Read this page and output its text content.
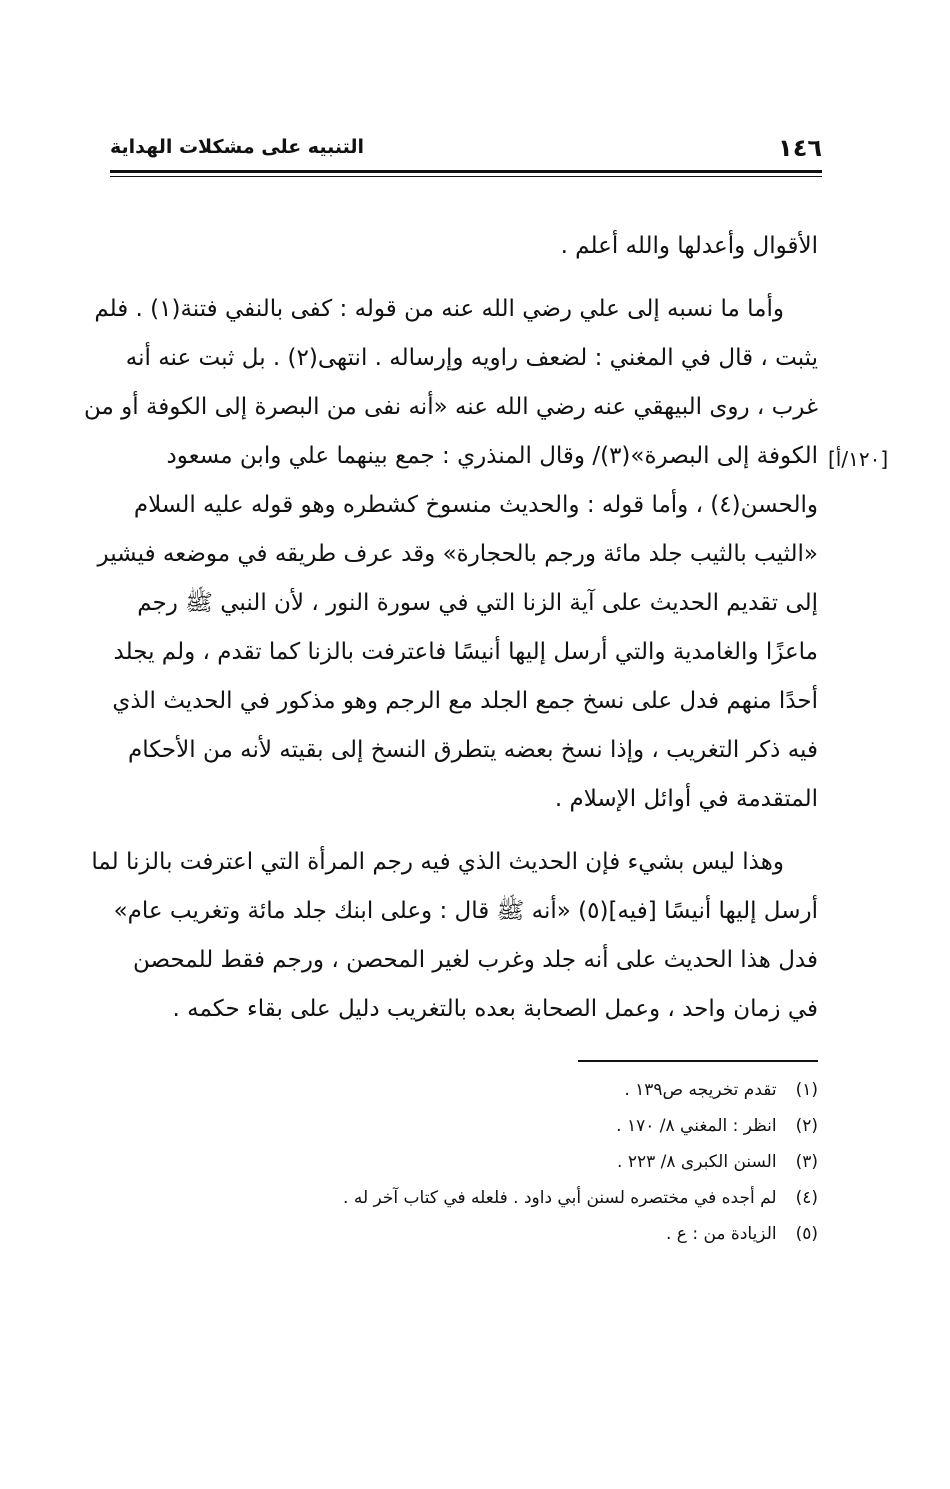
١٤٦
التنبيه على مشكلات الهداية
[١٢٠/أ]
الأقوال وأعدلها والله أعلم .
وأما ما نسبه إلى علي رضي الله عنه من قوله : كفى بالنفي فتنة(١) . فلم
يثبت ، قال في المغني : لضعف راويه وإرساله . انتهى(٢) . بل ثبت عنه أنه
غرب ، روى البيهقي عنه رضي الله عنه «أنه نفى من البصرة إلى الكوفة أو من
الكوفة إلى البصرة»(٣)/ وقال المنذري : جمع بينهما علي وابن مسعود
والحسن(٤) ، وأما قوله : والحديث منسوخ كشطره وهو قوله عليه السلام
«الثيب بالثيب جلد مائة ورجم بالحجارة» وقد عرف طريقه في موضعه فيشير
إلى تقديم الحديث على آية الزنا التي في سورة النور ، لأن النبي ﷺ رجم
ماعزًا والغامدية والتي أرسل إليها أنيسًا فاعترفت بالزنا كما تقدم ، ولم يجلد
أحدًا منهم فدل على نسخ جمع الجلد مع الرجم وهو مذكور في الحديث الذي
فيه ذكر التغريب ، وإذا نسخ بعضه يتطرق النسخ إلى بقيته لأنه من الأحكام
المتقدمة في أوائل الإسلام .
وهذا ليس بشيء فإن الحديث الذي فيه رجم المرأة التي اعترفت بالزنا لما
أرسل إليها أنيسًا [فيه](٥) «أنه ﷺ قال : وعلى ابنك جلد مائة وتغريب عام»
فدل هذا الحديث على أنه جلد وغرب لغير المحصن ، ورجم فقط للمحصن
في زمان واحد ، وعمل الصحابة بعده بالتغريب دليل على بقاء حكمه .
(١) تقدم تخريجه ص١٣٩ .
(٢) انظر : المغني ٨/ ١٧٠ .
(٣) السنن الكبرى ٨/ ٢٢٣ .
(٤) لم أجده في مختصره لسنن أبي داود . فلعله في كتاب آخر له .
(٥) الزيادة من : ع .
